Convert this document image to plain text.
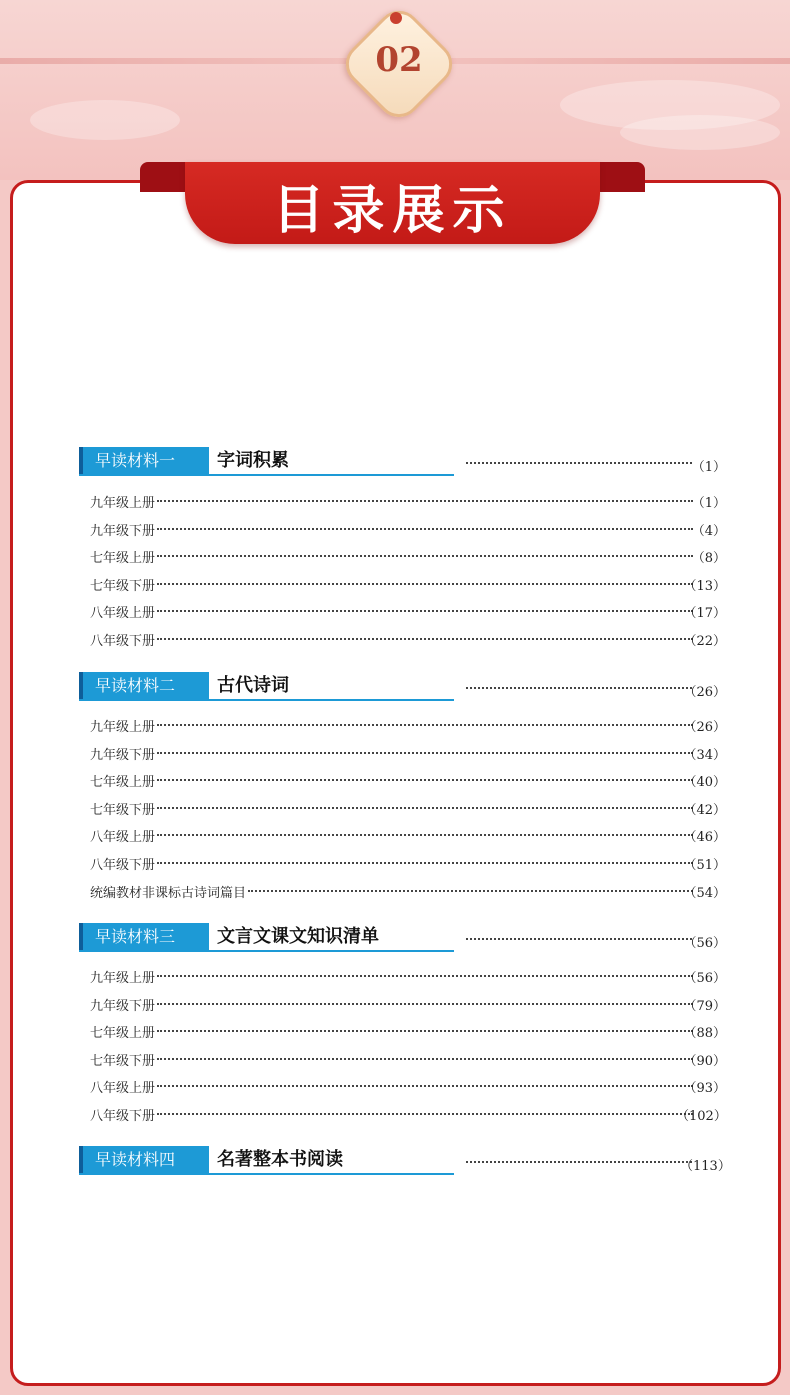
02
目录展示
早读材料一	字词积累	（1）
九年级上册	（1）
九年级下册	（4）
七年级上册	（8）
七年级下册	（13）
八年级上册	（17）
八年级下册	（22）
早读材料二	古代诗词	（26）
九年级上册	（26）
九年级下册	（34）
七年级上册	（40）
七年级下册	（42）
八年级上册	（46）
八年级下册	（51）
统编教材非课标古诗词篇目	（54）
早读材料三	文言文课文知识清单	（56）
九年级上册	（56）
九年级下册	（79）
七年级上册	（88）
七年级下册	（90）
八年级上册	（93）
八年级下册	（102）
早读材料四	名著整本书阅读	（113）
